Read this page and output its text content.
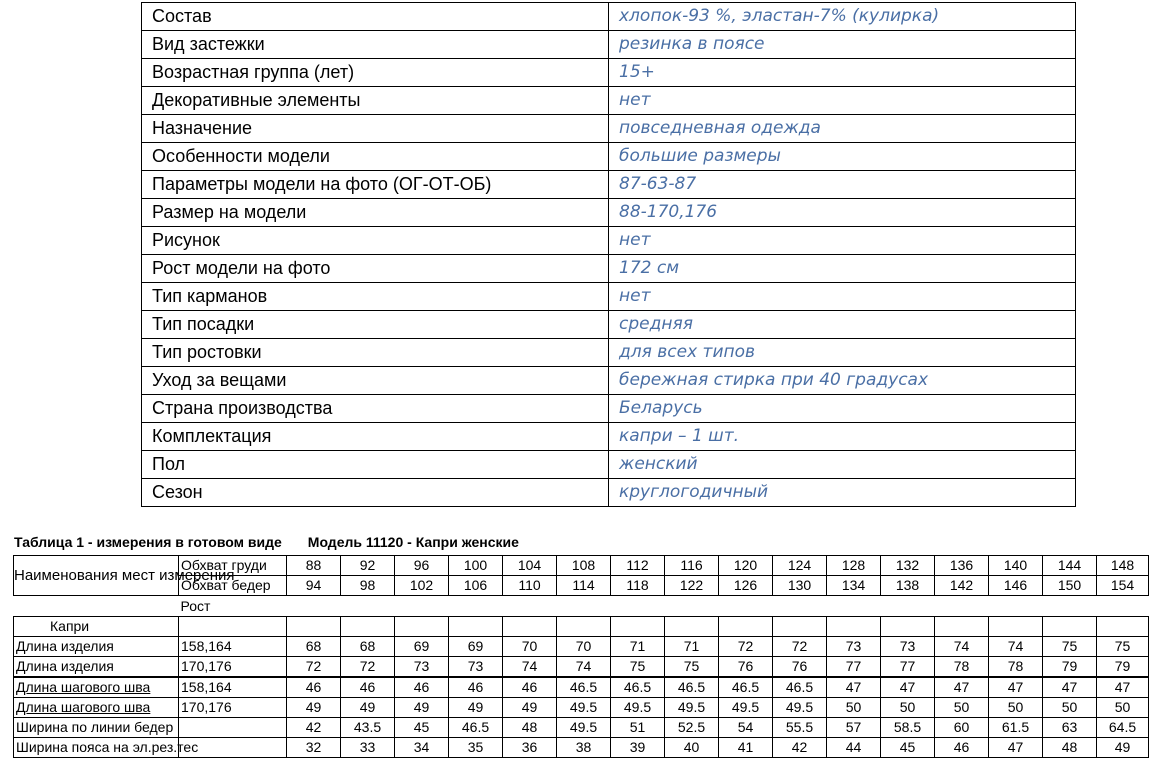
Состав	хлопок-93 %, эластан-7% (кулирка)
Вид застежки	резинка в поясе
Возрастная группа (лет)	15+
Декоративные элементы	нет
Назначение	повседневная одежда
Особенности модели	большие размеры
Параметры модели на фото (ОГ-ОТ-ОБ)	87-63-87
Размер на модели	88-170,176
Рисунок	нет
Рост модели на фото	172 см
Тип карманов	нет
Тип посадки	средняя
Тип ростовки	для всех типов
Уход за вещами	бережная стирка при 40 градусах
Страна производства	Беларусь
Комплектация	капри – 1 шт.
Пол	женский
Сезон	круглогодичный
Таблица 1 - измерения в готовом виде Модель 11120 - Капри женские
Наименования мест измерения	Обхват груди	88	92	96	100	104	108	112	116	120	124	128	132	136	140	144	148
	Обхват бедер	94	98	102	106	110	114	118	122	126	130	134	138	142	146	150	154
	Рост																
Капри																	
Длина изделия	158,164	68	68	69	69	70	70	71	71	72	72	73	73	74	74	75	75
Длина изделия	170,176	72	72	73	73	74	74	75	75	76	76	77	77	78	78	79	79
Длина шагового шва	158,164	46	46	46	46	46	46.5	46.5	46.5	46.5	46.5	47	47	47	47	47	47
Длина шагового шва	170,176	49	49	49	49	49	49.5	49.5	49.5	49.5	49.5	50	50	50	50	50	50
Ширина по линии бедер		42	43.5	45	46.5	48	49.5	51	52.5	54	55.5	57	58.5	60	61.5	63	64.5
Ширина пояса на эл.рез.тес		32	33	34	35	36	38	39	40	41	42	44	45	46	47	48	49
